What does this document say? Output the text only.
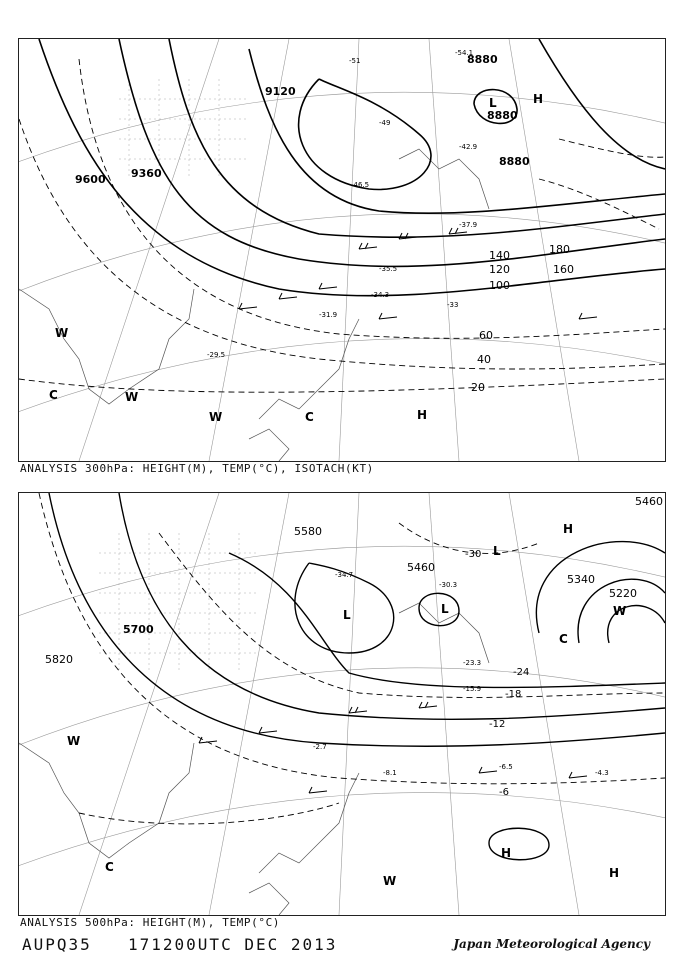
9600 9360
9120
8880
8880
8880
20
40
60
100
120
140
160
180
-51
-54.1
-33
-29.5
-31.9
-34.3
-35.5
-37.9
-42.9
-46.5
-49
L	H
C
W
W
W	C	H
ANALYSIS 300hPa: HEIGHT(M), TEMP(°C), ISOTACH(KT)
5820
5700
5580
5460
5460
5340
5220
-30
-24
-18
-12
-6
-34.7
-30.3
-23.3
-15.9
-8.1
-6.5
-4.3
-2.7
L	L
L
H
H
H
W
W
C
C
W
ANALYSIS 500hPa: HEIGHT(M), TEMP(°C)
AUPQ35 171200UTC DEC 2013	Japan Meteorological Agency
